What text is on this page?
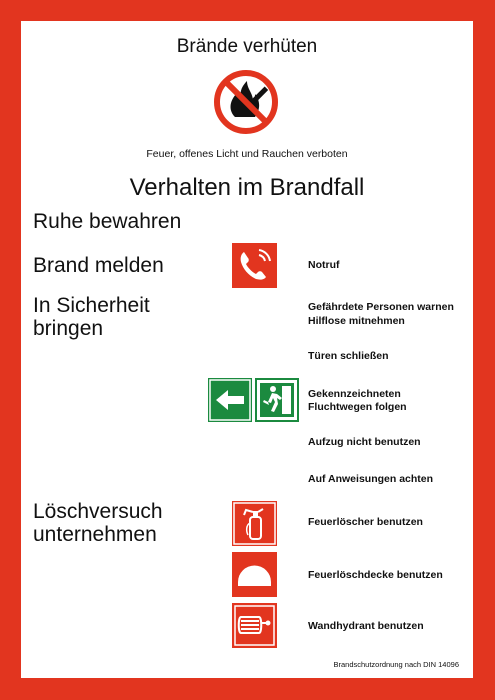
Brände verhüten
Feuer, offenes Licht und Rauchen verboten
Verhalten im Brandfall
Ruhe bewahren
Brand melden
In Sicherheit
bringen
Löschversuch
unternehmen
Notruf
Gefährdete Personen warnen
Hilflose mitnehmen
Türen schließen
Gekennzeichneten
Fluchtwegen folgen
Aufzug nicht benutzen
Auf Anweisungen achten
Feuerlöscher benutzen
Feuerlöschdecke benutzen
Wandhydrant benutzen
Brandschutzordnung nach DIN 14096
